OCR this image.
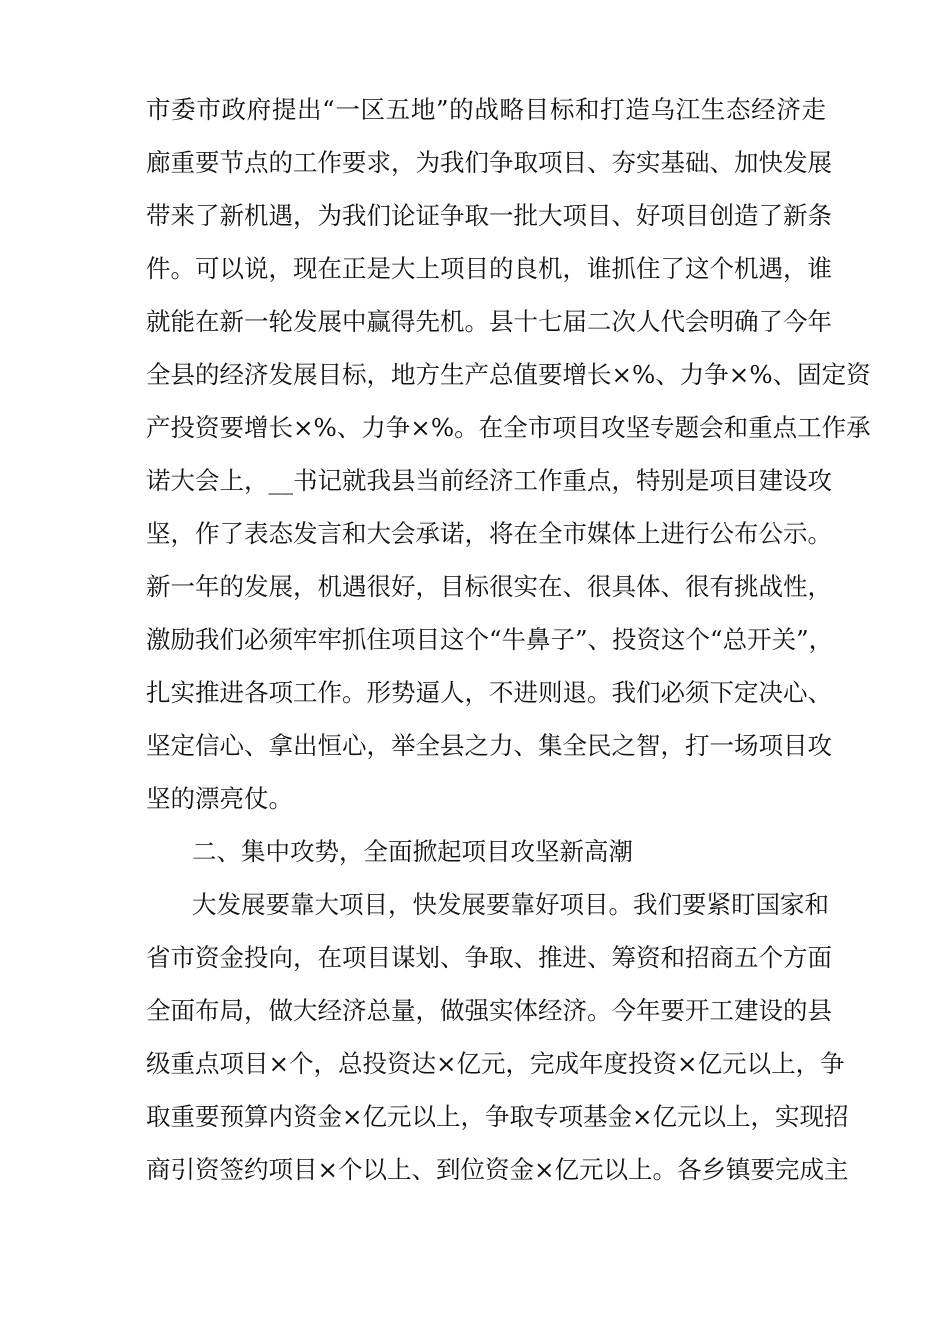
市委市政府提出“一区五地”的战略目标和打造乌江生态经济走
廊重要节点的工作要求，为我们争取项目、夯实基础、加快发展
带来了新机遇，为我们论证争取一批大项目、好项目创造了新条
件。可以说，现在正是大上项目的良机，谁抓住了这个机遇，谁
就能在新一轮发展中赢得先机。县十七届二次人代会明确了今年
全县的经济发展目标，地方生产总值要增长×%、力争×%、固定资
产投资要增长×%、力争×%。在全市项目攻坚专题会和重点工作承
诺大会上，__书记就我县当前经济工作重点，特别是项目建设攻
坚，作了表态发言和大会承诺，将在全市媒体上进行公布公示。
新一年的发展，机遇很好，目标很实在、很具体、很有挑战性，
激励我们必须牢牢抓住项目这个“牛鼻子”、投资这个“总开关”，
扎实推进各项工作。形势逼人，不进则退。我们必须下定决心、
坚定信心、拿出恒心，举全县之力、集全民之智，打一场项目攻
坚的漂亮仗。
二、集中攻势，全面掀起项目攻坚新高潮
大发展要靠大项目，快发展要靠好项目。我们要紧盯国家和
省市资金投向，在项目谋划、争取、推进、筹资和招商五个方面
全面布局，做大经济总量，做强实体经济。今年要开工建设的县
级重点项目×个，总投资达×亿元，完成年度投资×亿元以上，争
取重要预算内资金×亿元以上，争取专项基金×亿元以上，实现招
商引资签约项目×个以上、到位资金×亿元以上。各乡镇要完成主
